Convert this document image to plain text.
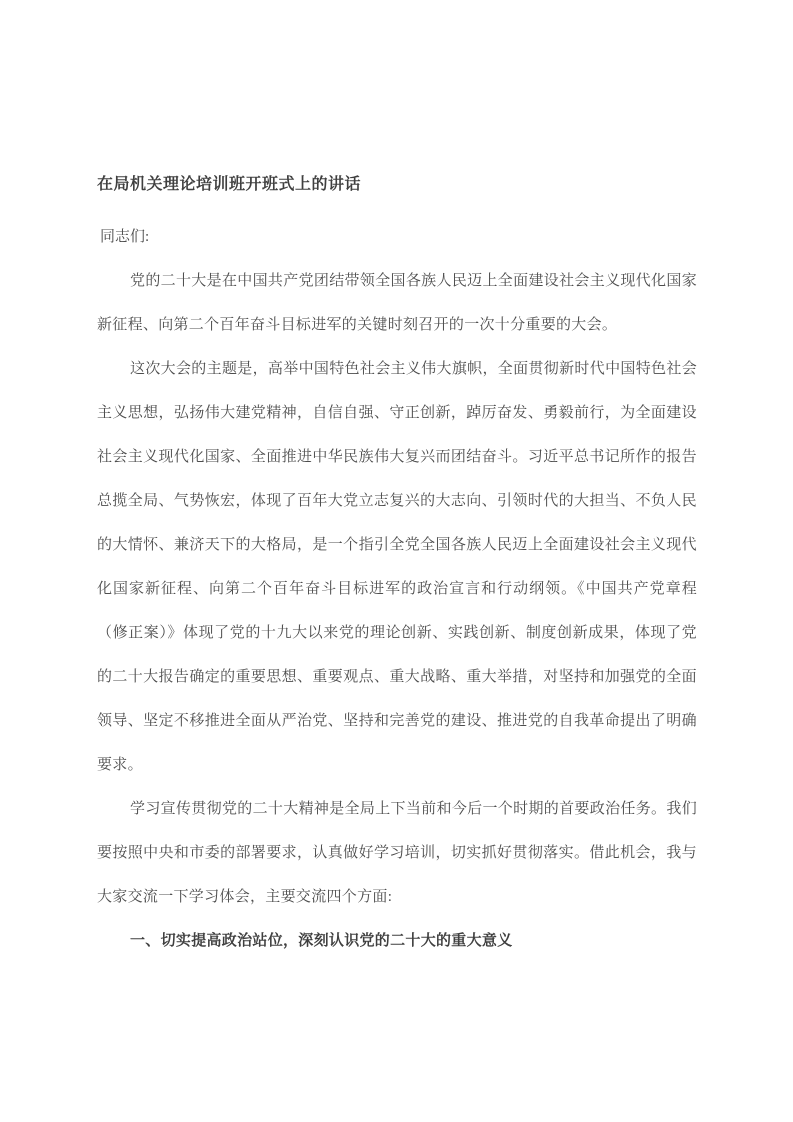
在局机关理论培训班开班式上的讲话

同志们:

党的二十大是在中国共产党团结带领全国各族人民迈上全面建设社会主义现代化国家新征程、向第二个百年奋斗目标进军的关键时刻召开的一次十分重要的大会。

这次大会的主题是，高举中国特色社会主义伟大旗帜，全面贯彻新时代中国特色社会主义思想，弘扬伟大建党精神，自信自强、守正创新，踔厉奋发、勇毅前行，为全面建设社会主义现代化国家、全面推进中华民族伟大复兴而团结奋斗。习近平总书记所作的报告总揽全局、气势恢宏，体现了百年大党立志复兴的大志向、引领时代的大担当、不负人民的大情怀、兼济天下的大格局，是一个指引全党全国各族人民迈上全面建设社会主义现代化国家新征程、向第二个百年奋斗目标进军的政治宣言和行动纲领。《中国共产党章程（修正案）》体现了党的十九大以来党的理论创新、实践创新、制度创新成果，体现了党的二十大报告确定的重要思想、重要观点、重大战略、重大举措，对坚持和加强党的全面领导、坚定不移推进全面从严治党、坚持和完善党的建设、推进党的自我革命提出了明确要求。

学习宣传贯彻党的二十大精神是全局上下当前和今后一个时期的首要政治任务。我们要按照中央和市委的部署要求，认真做好学习培训，切实抓好贯彻落实。借此机会，我与大家交流一下学习体会，主要交流四个方面:

一、切实提高政治站位，深刻认识党的二十大的重大意义
